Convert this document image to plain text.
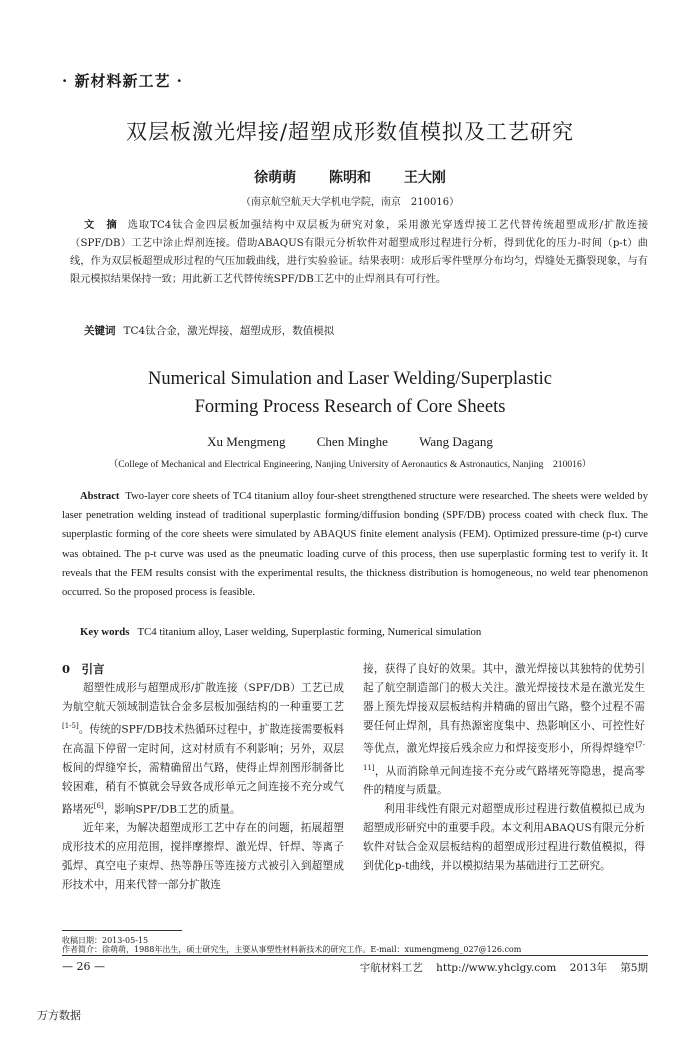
· 新材料新工艺 ·
双层板激光焊接/超塑成形数值模拟及工艺研究
徐萌萌 陈明和 王大刚
（南京航空航天大学机电学院，南京　210016）
文　摘 选取TC4钛合金四层板加强结构中双层板为研究对象，采用激光穿透焊接工艺代替传统超塑成形/扩散连接（SPF/DB）工艺中涂止焊剂连接。借助ABAQUS有限元分析软件对超塑成形过程进行分析，得到优化的压力-时间（p-t）曲线，作为双层板超塑成形过程的气压加载曲线，进行实验验证。结果表明：成形后零件壁厚分布均匀，焊缝处无撕裂现象，与有限元模拟结果保持一致；用此新工艺代替传统SPF/DB工艺中的止焊剂具有可行性。
关键词 TC4钛合金，激光焊接，超塑成形，数值模拟
Numerical Simulation and Laser Welding/Superplastic
Forming Process Research of Core Sheets
Xu Mengmeng Chen Minghe Wang Dagang
（College of Mechanical and Electrical Engineering, Nanjing University of Aeronautics & Astronautics, Nanjing　210016）
Abstract Two-layer core sheets of TC4 titanium alloy four-sheet strengthened structure were researched. The sheets were welded by laser penetration welding instead of traditional superplastic forming/diffusion bonding (SPF/DB) process coated with check flux. The superplastic forming of the core sheets were simulated by ABAQUS finite element analysis (FEM). Optimized pressure-time (p-t) curve was obtained. The p-t curve was used as the pneumatic loading curve of this process, then use superplastic forming test to verify it. It reveals that the FEM results consist with the experimental results, the thickness distribution is homogeneous, no weld tear phenomenon occurred. So the proposed process is feasible.
Key words TC4 titanium alloy, Laser welding, Superplastic forming, Numerical simulation
0　引言

超塑性成形与超塑成形/扩散连接（SPF/DB）工艺已成为航空航天领域制造钛合金多层板加强结构的一种重要工艺[1-5]。传统的SPF/DB技术热循环过程中，扩散连接需要板料在高温下停留一定时间，这对材质有不利影响；另外，双层板间的焊缝窄长，需精确留出气路，使得止焊剂图形制备比较困难，稍有不慎就会导致各成形单元之间连接不充分或气路堵死[6]，影响SPF/DB工艺的质量。

近年来，为解决超塑成形工艺中存在的问题，拓展超塑成形技术的应用范围，搅拌摩擦焊、激光焊、钎焊、等离子弧焊、真空电子束焊、热等静压等连接方式被引入到超塑成形技术中，用来代替一部分扩散连

接，获得了良好的效果。其中，激光焊接以其独特的优势引起了航空制造部门的极大关注。激光焊接技术是在激光发生器上预先焊接双层板结构并精确的留出气路，整个过程不需要任何止焊剂，具有热源密度集中、热影响区小、可控性好等优点，激光焊接后残余应力和焊接变形小，所得焊缝窄[7-11]，从而消除单元间连接不充分或气路堵死等隐患，提高零件的精度与质量。

利用非线性有限元对超塑成形过程进行数值模拟已成为超塑成形研究中的重要手段。本文利用ABAQUS有限元分析软件对钛合金双层板结构的超塑成形过程进行数值模拟，得到优化p-t曲线，并以模拟结果为基础进行工艺研究。

收稿日期：2013-05-15
作者简介：徐萌萌，1988年出生，硕士研究生，主要从事塑性材料新技术的研究工作。E-mail：xumengmeng_027@126.com
— 26 —	宇航材料工艺 http://www.yhclgy.com 2013年 第5期
万方数据
